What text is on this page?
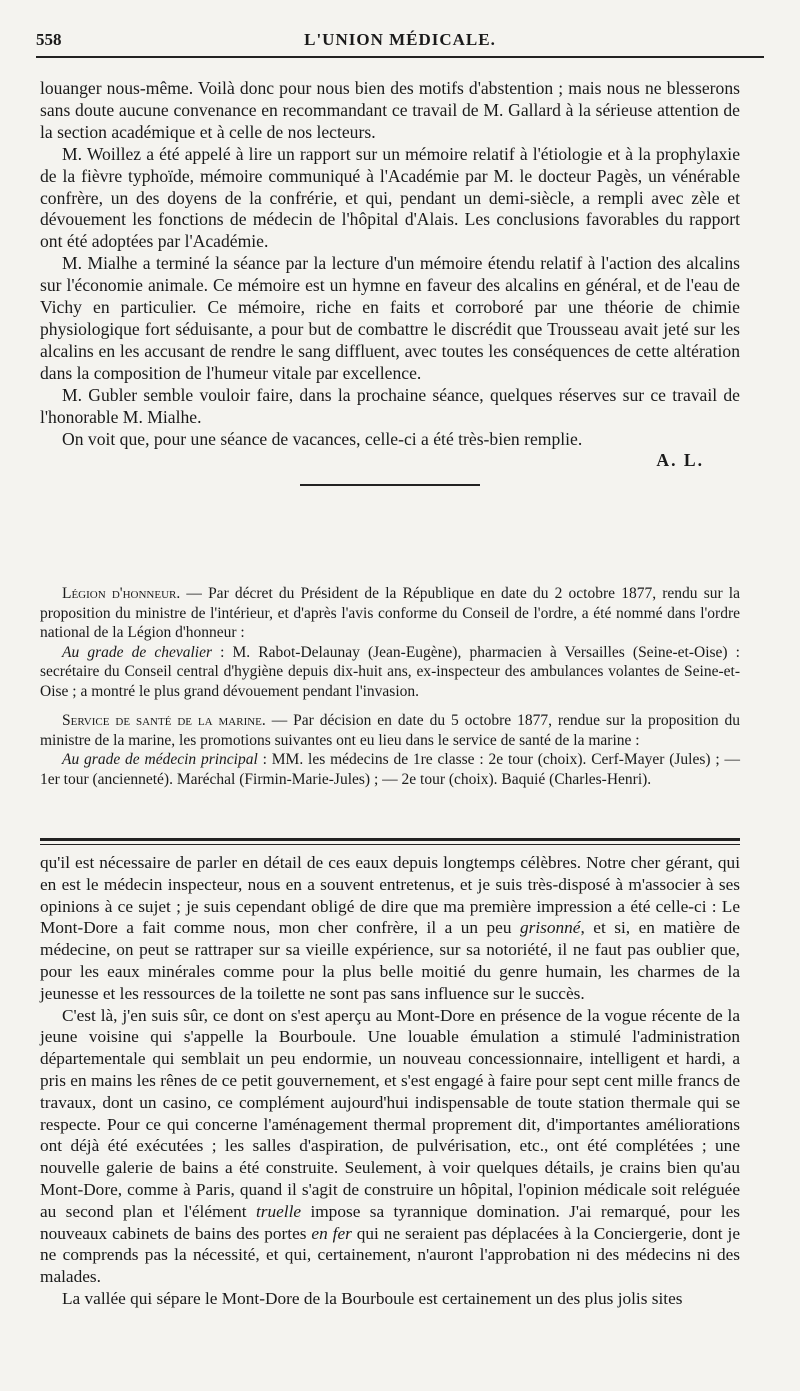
558	L'UNION MÉDICALE.

louanger nous-même. Voilà donc pour nous bien des motifs d'abstention ; mais nous ne blesserons sans doute aucune convenance en recommandant ce travail de M. Gallard à la sérieuse attention de la section académique et à celle de nos lecteurs.

M. Woillez a été appelé à lire un rapport sur un mémoire relatif à l'étiologie et à la prophylaxie de la fièvre typhoïde, mémoire communiqué à l'Académie par M. le docteur Pagès, un vénérable confrère, un des doyens de la confrérie, et qui, pendant un demi-siècle, a rempli avec zèle et dévouement les fonctions de médecin de l'hôpital d'Alais. Les conclusions favorables du rapport ont été adoptées par l'Académie.

M. Mialhe a terminé la séance par la lecture d'un mémoire étendu relatif à l'action des alcalins sur l'économie animale. Ce mémoire est un hymne en faveur des alcalins en général, et de l'eau de Vichy en particulier. Ce mémoire, riche en faits et corroboré par une théorie de chimie physiologique fort séduisante, a pour but de combattre le discrédit que Trousseau avait jeté sur les alcalins en les accusant de rendre le sang diffluent, avec toutes les conséquences de cette altération dans la composition de l'humeur vitale par excellence.

M. Gubler semble vouloir faire, dans la prochaine séance, quelques réserves sur ce travail de l'honorable M. Mialhe.

On voit que, pour une séance de vacances, celle-ci a été très-bien remplie.

A. L.

Légion d'honneur. — Par décret du Président de la République en date du 2 octobre 1877, rendu sur la proposition du ministre de l'intérieur, et d'après l'avis conforme du Conseil de l'ordre, a été nommé dans l'ordre national de la Légion d'honneur :

Au grade de chevalier : M. Rabot-Delaunay (Jean-Eugène), pharmacien à Versailles (Seine-et-Oise) : secrétaire du Conseil central d'hygiène depuis dix-huit ans, ex-inspecteur des ambulances volantes de Seine-et-Oise ; a montré le plus grand dévouement pendant l'invasion.

Service de santé de la marine. — Par décision en date du 5 octobre 1877, rendue sur la proposition du ministre de la marine, les promotions suivantes ont eu lieu dans le service de santé de la marine :

Au grade de médecin principal : MM. les médecins de 1re classe : 2e tour (choix). Cerf-Mayer (Jules) ; — 1er tour (ancienneté). Maréchal (Firmin-Marie-Jules) ; — 2e tour (choix). Baquié (Charles-Henri).

qu'il est nécessaire de parler en détail de ces eaux depuis longtemps célèbres. Notre cher gérant, qui en est le médecin inspecteur, nous en a souvent entretenus, et je suis très-disposé à m'associer à ses opinions à ce sujet ; je suis cependant obligé de dire que ma première impression a été celle-ci : Le Mont-Dore a fait comme nous, mon cher confrère, il a un peu grisonné, et si, en matière de médecine, on peut se rattraper sur sa vieille expérience, sur sa notoriété, il ne faut pas oublier que, pour les eaux minérales comme pour la plus belle moitié du genre humain, les charmes de la jeunesse et les ressources de la toilette ne sont pas sans influence sur le succès.

C'est là, j'en suis sûr, ce dont on s'est aperçu au Mont-Dore en présence de la vogue récente de la jeune voisine qui s'appelle la Bourboule. Une louable émulation a stimulé l'administration départementale qui semblait un peu endormie, un nouveau concessionnaire, intelligent et hardi, a pris en mains les rênes de ce petit gouvernement, et s'est engagé à faire pour sept cent mille francs de travaux, dont un casino, ce complément aujourd'hui indispensable de toute station thermale qui se respecte. Pour ce qui concerne l'aménagement thermal proprement dit, d'importantes améliorations ont déjà été exécutées ; les salles d'aspiration, de pulvérisation, etc., ont été complétées ; une nouvelle galerie de bains a été construite. Seulement, à voir quelques détails, je crains bien qu'au Mont-Dore, comme à Paris, quand il s'agit de construire un hôpital, l'opinion médicale soit reléguée au second plan et l'élément truelle impose sa tyrannique domination. J'ai remarqué, pour les nouveaux cabinets de bains des portes en fer qui ne seraient pas déplacées à la Conciergerie, dont je ne comprends pas la nécessité, et qui, certainement, n'auront l'approbation ni des médecins ni des malades.

La vallée qui sépare le Mont-Dore de la Bourboule est certainement un des plus jolis sites
